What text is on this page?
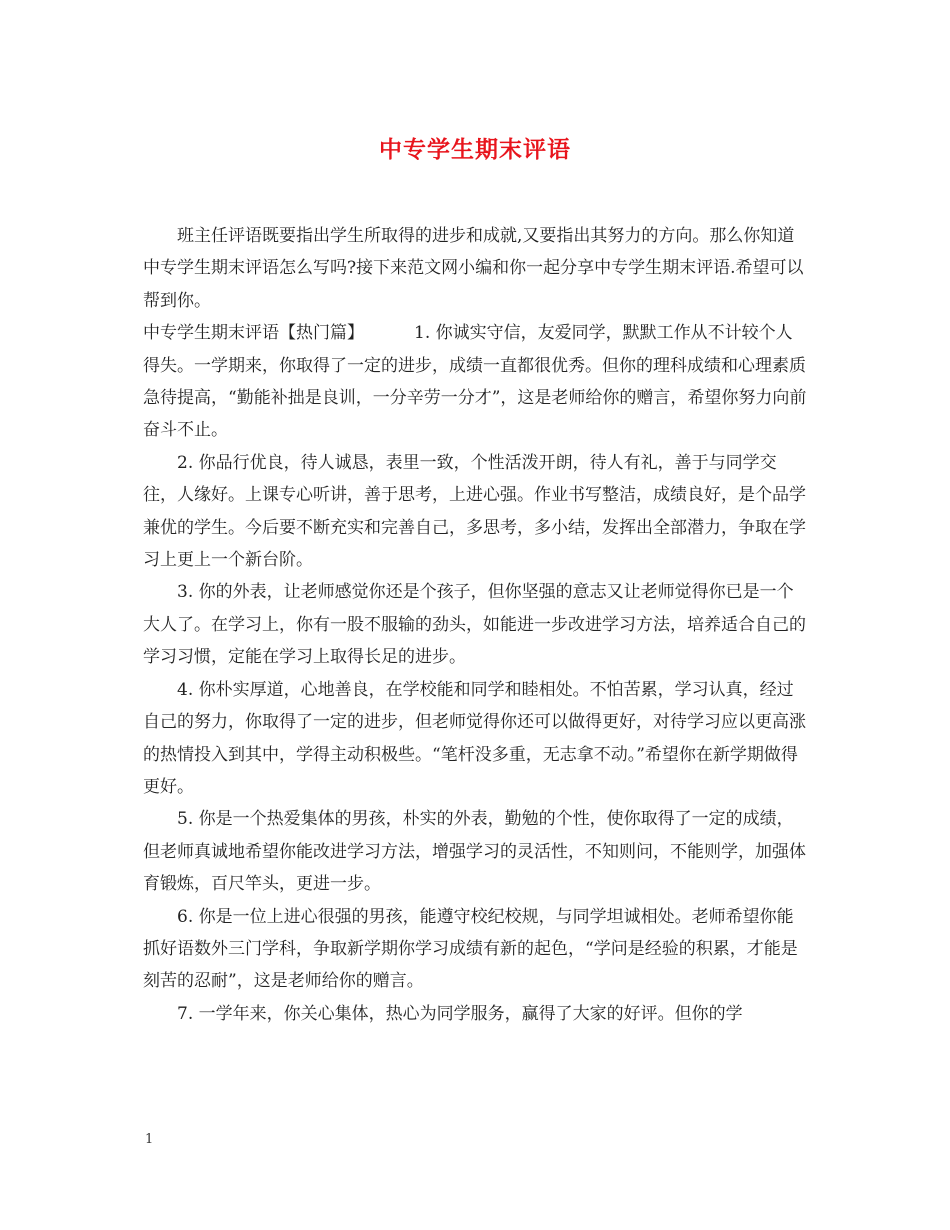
中专学生期末评语

班主任评语既要指出学生所取得的进步和成就,又要指出其努力的方向。那么你知道中专学生期末评语怎么写吗?接下来范文网小编和你一起分享中专学生期末评语.希望可以帮到你。

中专学生期末评语【热门篇】	1. 你诚实守信，友爱同学，默默工作从不计较个人得失。一学期来，你取得了一定的进步，成绩一直都很优秀。但你的理科成绩和心理素质急待提高，“勤能补拙是良训，一分辛劳一分才”，这是老师给你的赠言，希望你努力向前奋斗不止。

2. 你品行优良，待人诚恳，表里一致，个性活泼开朗，待人有礼，善于与同学交往，人缘好。上课专心听讲，善于思考，上进心强。作业书写整洁，成绩良好，是个品学兼优的学生。今后要不断充实和完善自己，多思考，多小结，发挥出全部潜力，争取在学习上更上一个新台阶。

3. 你的外表，让老师感觉你还是个孩子，但你坚强的意志又让老师觉得你已是一个大人了。在学习上，你有一股不服输的劲头，如能进一步改进学习方法，培养适合自己的学习习惯，定能在学习上取得长足的进步。

4. 你朴实厚道，心地善良，在学校能和同学和睦相处。不怕苦累，学习认真，经过自己的努力，你取得了一定的进步，但老师觉得你还可以做得更好，对待学习应以更高涨的热情投入到其中，学得主动积极些。“笔杆没多重，无志拿不动。”希望你在新学期做得更好。

5. 你是一个热爱集体的男孩，朴实的外表，勤勉的个性，使你取得了一定的成绩，但老师真诚地希望你能改进学习方法，增强学习的灵活性，不知则问，不能则学，加强体育锻炼，百尺竿头，更进一步。

6. 你是一位上进心很强的男孩，能遵守校纪校规，与同学坦诚相处。老师希望你能抓好语数外三门学科，争取新学期你学习成绩有新的起色，“学问是经验的积累，才能是刻苦的忍耐”，这是老师给你的赠言。

7. 一学年来，你关心集体，热心为同学服务，赢得了大家的好评。但你的学

1
